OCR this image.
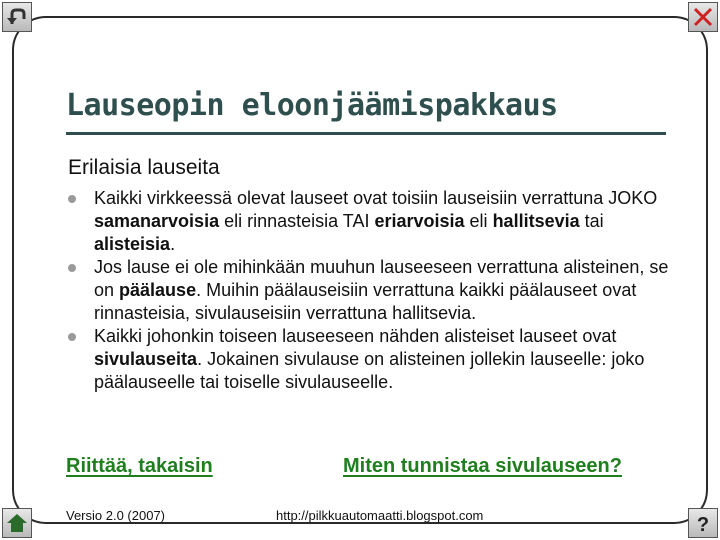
?
Lauseopin eloonjäämispakkaus
Erilaisia lauseita
Kaikki virkkeessä olevat lauseet ovat toisiin lauseisiin verrattuna JOKO samanarvoisia eli rinnasteisia TAI eriarvoisia eli hallitsevia tai alisteisia.
Jos lause ei ole mihinkään muuhun lauseeseen verrattuna alisteinen, se on päälause. Muihin päälauseisiin verrattuna kaikki päälauseet ovat rinnasteisia, sivulauseisiin verrattuna hallitsevia.
Kaikki johonkin toiseen lauseeseen nähden alisteiset lauseet ovat sivulauseita. Jokainen sivulause on alisteinen jollekin lauseelle: joko päälauseelle tai toiselle sivulauseelle.
Riittää, takaisin	Miten tunnistaa sivulauseen?
Versio 2.0 (2007)	http://pilkkuautomaatti.blogspot.com
